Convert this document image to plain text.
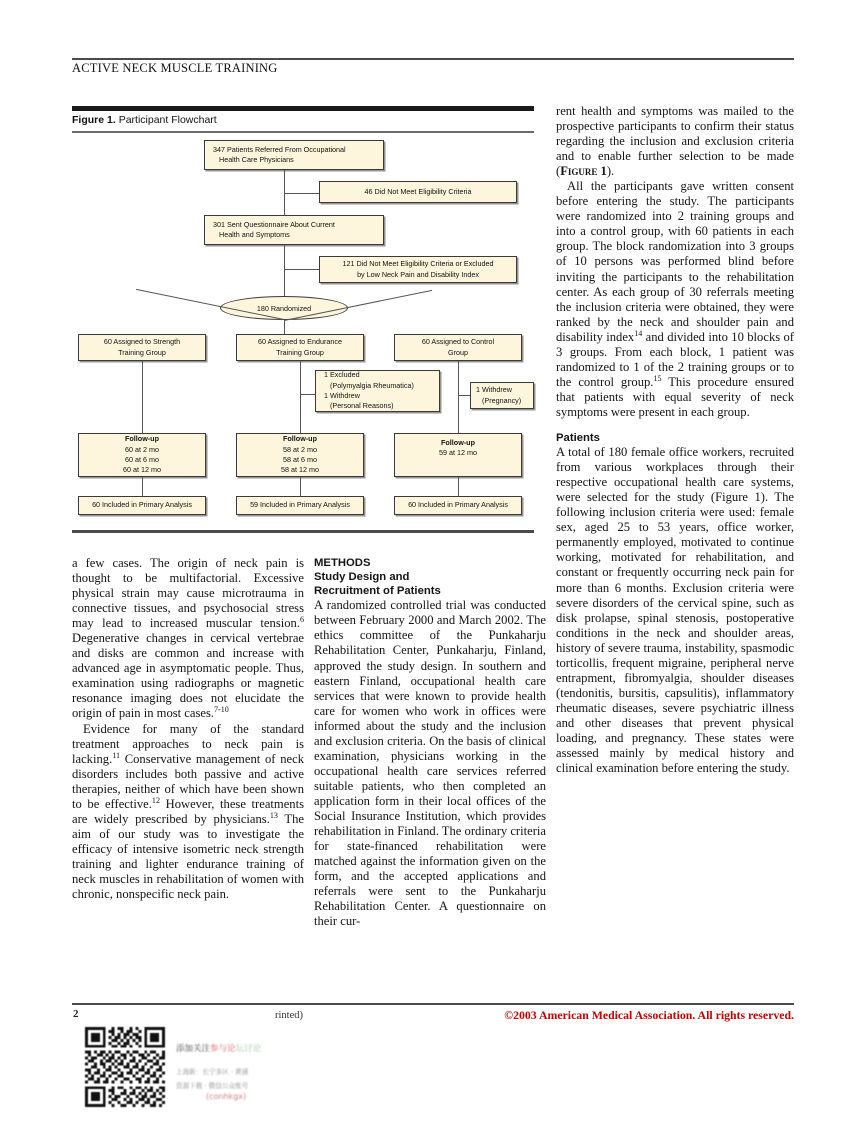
ACTIVE NECK MUSCLE TRAINING
Figure 1. Participant Flowchart
347 Patients Referred From Occupational
Health Care Physicians
46 Did Not Meet Eligibility Criteria
301 Sent Questionnaire About Current
Health and Symptoms
121 Did Not Meet Eligibility Criteria or Excluded
by Low Neck Pain and Disability Index
180 Randomized
60 Assigned to Strength
Training Group
60 Assigned to Endurance
Training Group
60 Assigned to Control
Group
1 Excluded
(Polymyalgia Rheumatica)
1 Withdrew
(Personal Reasons)
1 Withdrew
(Pregnancy)
Follow-up
60 at 2 mo
60 at 6 mo
60 at 12 mo
Follow-up
58 at 2 mo
58 at 6 mo
58 at 12 mo
Follow-up
59 at 12 mo
60 Included in Primary Analysis	59 Included in Primary Analysis	60 Included in Primary Analysis

a few cases. The origin of neck pain is thought to be multifactorial. Excessive physical strain may cause microtrauma in connective tissues, and psychosocial stress may lead to increased muscular tension.$^6$ Degenerative changes in cervical vertebrae and disks are common and increase with advanced age in asymptomatic people. Thus, examination using radiographs or magnetic resonance imaging does not elucidate the origin of pain in most cases.$^{7-10}$

Evidence for many of the standard treatment approaches to neck pain is lacking.$^{11}$ Conservative management of neck disorders includes both passive and active therapies, neither of which have been shown to be effective.$^{12}$ However, these treatments are widely prescribed by physicians.$^{13}$ The aim of our study was to investigate the efficacy of intensive isometric neck strength training and lighter endurance training of neck muscles in rehabilitation of women with chronic, nonspecific neck pain.

METHODS

Study Design and

Recruitment of Patients

A randomized controlled trial was conducted between February 2000 and March 2002. The ethics committee of the Punkaharju Rehabilitation Center, Punkaharju, Finland, approved the study design. In southern and eastern Finland, occupational health care services that were known to provide health care for women who work in offices were informed about the study and the inclusion and exclusion criteria. On the basis of clinical examination, physicians working in the occupational health care services referred suitable patients, who then completed an application form in their local offices of the Social Insurance Institution, which provides rehabilitation in Finland. The ordinary criteria for state-financed rehabilitation were matched against the information given on the form, and the accepted applications and referrals were sent to the Punkaharju Rehabilitation Center. A questionnaire on their cur-

rent health and symptoms was mailed to the prospective participants to confirm their status regarding the inclusion and exclusion criteria and to enable further selection to be made (Figure 1).

All the participants gave written consent before entering the study. The participants were randomized into 2 training groups and into a control group, with 60 patients in each group. The block randomization into 3 groups of 10 persons was performed blind before inviting the participants to the rehabilitation center. As each group of 30 referrals meeting the inclusion criteria were obtained, they were ranked by the neck and shoulder pain and disability index$^{14}$ and divided into 10 blocks of 3 groups. From each block, 1 patient was randomized to 1 of the 2 training groups or to the control group.$^{15}$ This procedure ensured that patients with equal severity of neck symptoms were present in each group.

Patients

A total of 180 female office workers, recruited from various workplaces through their respective occupational health care systems, were selected for the study (Figure 1). The following inclusion criteria were used: female sex, aged 25 to 53 years, office worker, permanently employed, motivated to continue working, motivated for rehabilitation, and constant or frequently occurring neck pain for more than 6 months. Exclusion criteria were severe disorders of the cervical spine, such as disk prolapse, spinal stenosis, postoperative conditions in the neck and shoulder areas, history of severe trauma, instability, spasmodic torticollis, frequent migraine, peripheral nerve entrapment, fibromyalgia, shoulder diseases (tendonitis, bursitis, capsulitis), inflammatory rheumatic diseases, severe psychiatric illness and other diseases that prevent physical loading, and pregnancy. These states were assessed mainly by medical history and clinical examination before entering the study.

2	rinted)	©2003 American Medical Association. All rights reserved.
添加关注参与论坛讨论
上海新：长宁多区 · 黄浦
资源下载 · 微信公众账号
(conhkgx)
